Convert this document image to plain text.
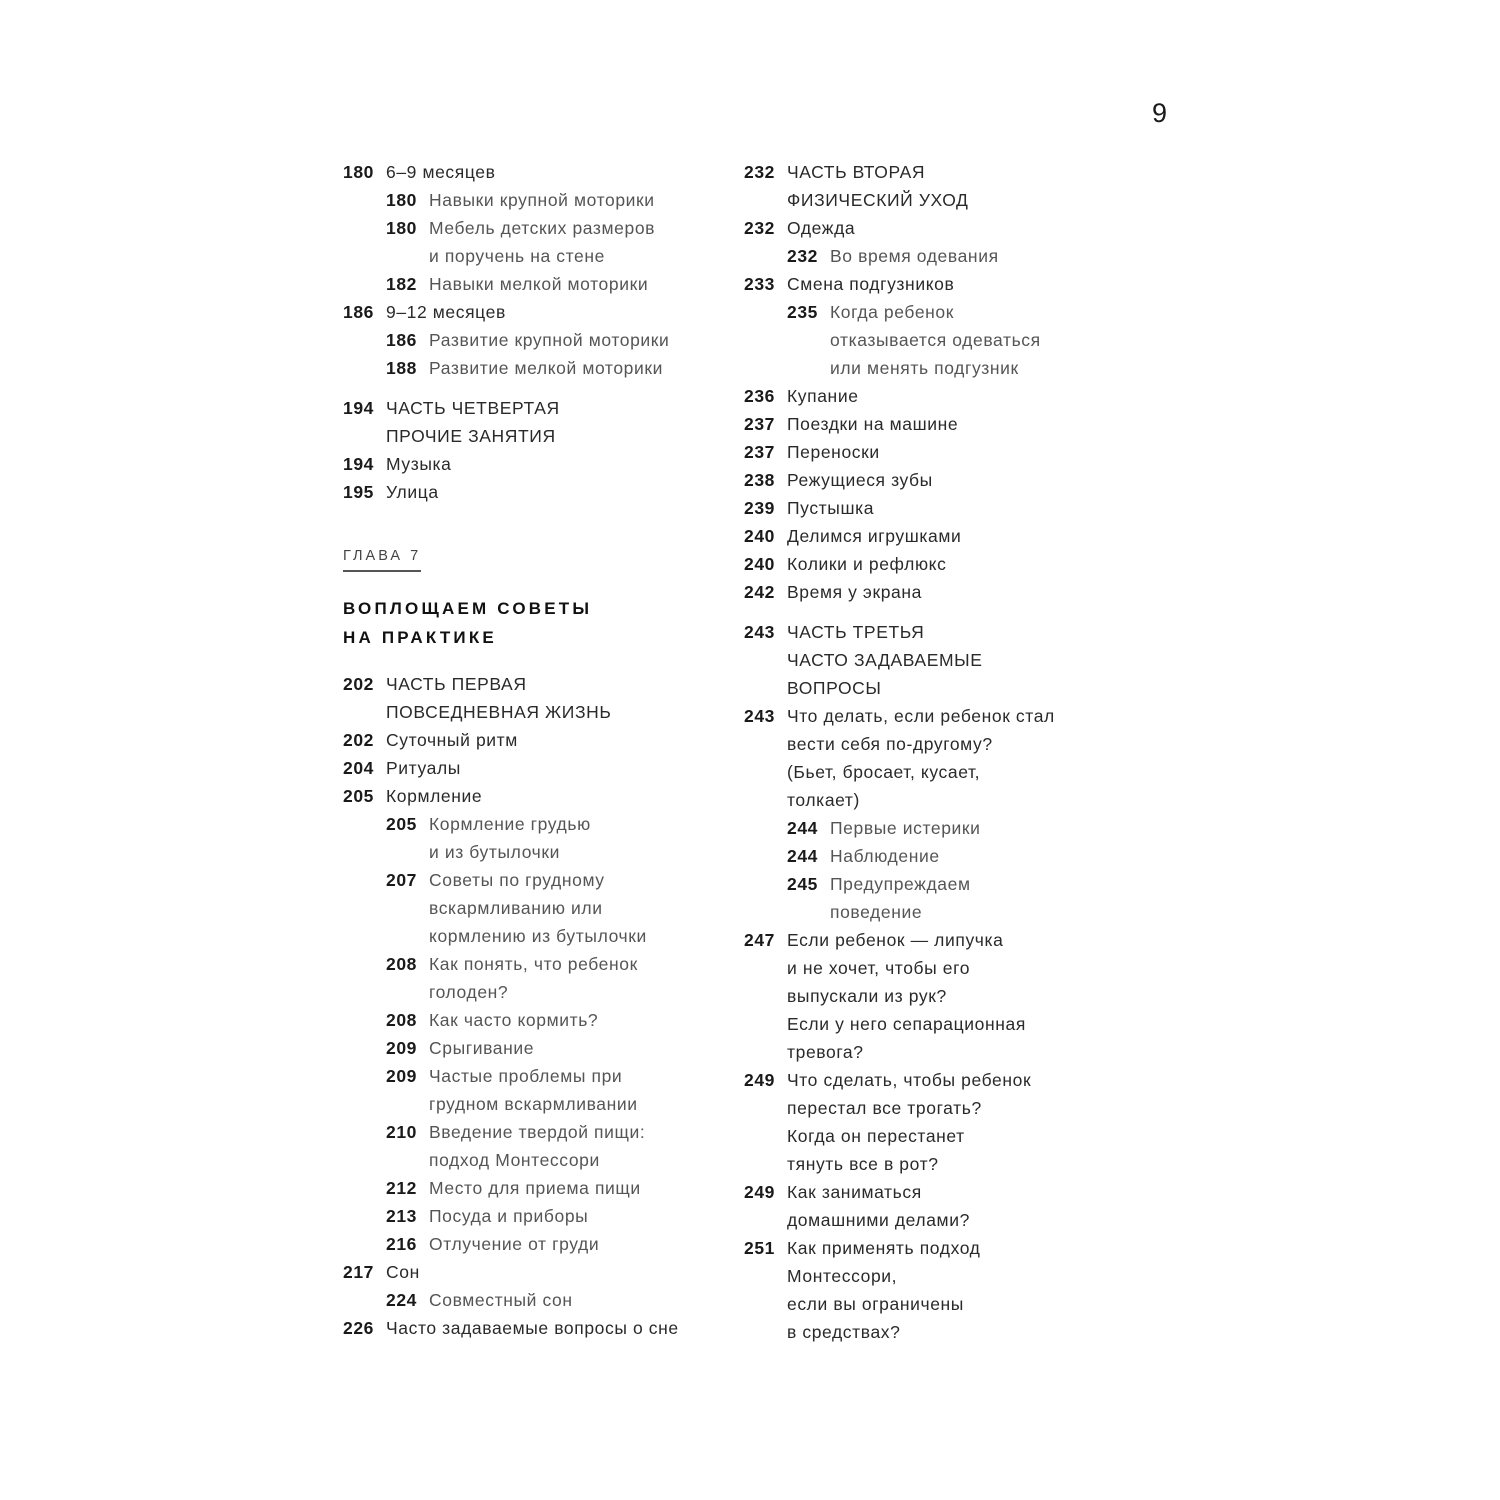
9
180 6–9 месяцев
180 Навыки крупной моторики
180 Мебель детских размеров
и поручень на стене
182 Навыки мелкой моторики
186 9–12 месяцев
186 Развитие крупной моторики
188 Развитие мелкой моторики
194 ЧАСТЬ ЧЕТВЕРТАЯ
ПРОЧИЕ ЗАНЯТИЯ
194 Музыка
195 Улица
ГЛАВА 7
ВОПЛОЩАЕМ СОВЕТЫ
НА ПРАКТИКЕ
202 ЧАСТЬ ПЕРВАЯ
ПОВСЕДНЕВНАЯ ЖИЗНЬ
202 Суточный ритм
204 Ритуалы
205 Кормление
205 Кормление грудью
и из бутылочки
207 Советы по грудному
вскармливанию или
кормлению из бутылочки
208 Как понять, что ребенок
голоден?
208 Как часто кормить?
209 Срыгивание
209 Частые проблемы при
грудном вскармливании
210 Введение твердой пищи:
подход Монтессори
212 Место для приема пищи
213 Посуда и приборы
216 Отлучение от груди
217 Сон
224 Совместный сон
226 Часто задаваемые вопросы о сне
232 ЧАСТЬ ВТОРАЯ
ФИЗИЧЕСКИЙ УХОД
232 Одежда
232 Во время одевания
233 Смена подгузников
235 Когда ребенок
отказывается одеваться
или менять подгузник
236 Купание
237 Поездки на машине
237 Переноски
238 Режущиеся зубы
239 Пустышка
240 Делимся игрушками
240 Колики и рефлюкс
242 Время у экрана
243 ЧАСТЬ ТРЕТЬЯ
ЧАСТО ЗАДАВАЕМЫЕ
ВОПРОСЫ
243 Что делать, если ребенок стал
вести себя по-другому?
(Бьет, бросает, кусает,
толкает)
244 Первые истерики
244 Наблюдение
245 Предупреждаем
поведение
247 Если ребенок — липучка
и не хочет, чтобы его
выпускали из рук?
Если у него сепарационная
тревога?
249 Что сделать, чтобы ребенок
перестал все трогать?
Когда он перестанет
тянуть все в рот?
249 Как заниматься
домашними делами?
251 Как применять подход
Монтессори,
если вы ограничены
в средствах?
